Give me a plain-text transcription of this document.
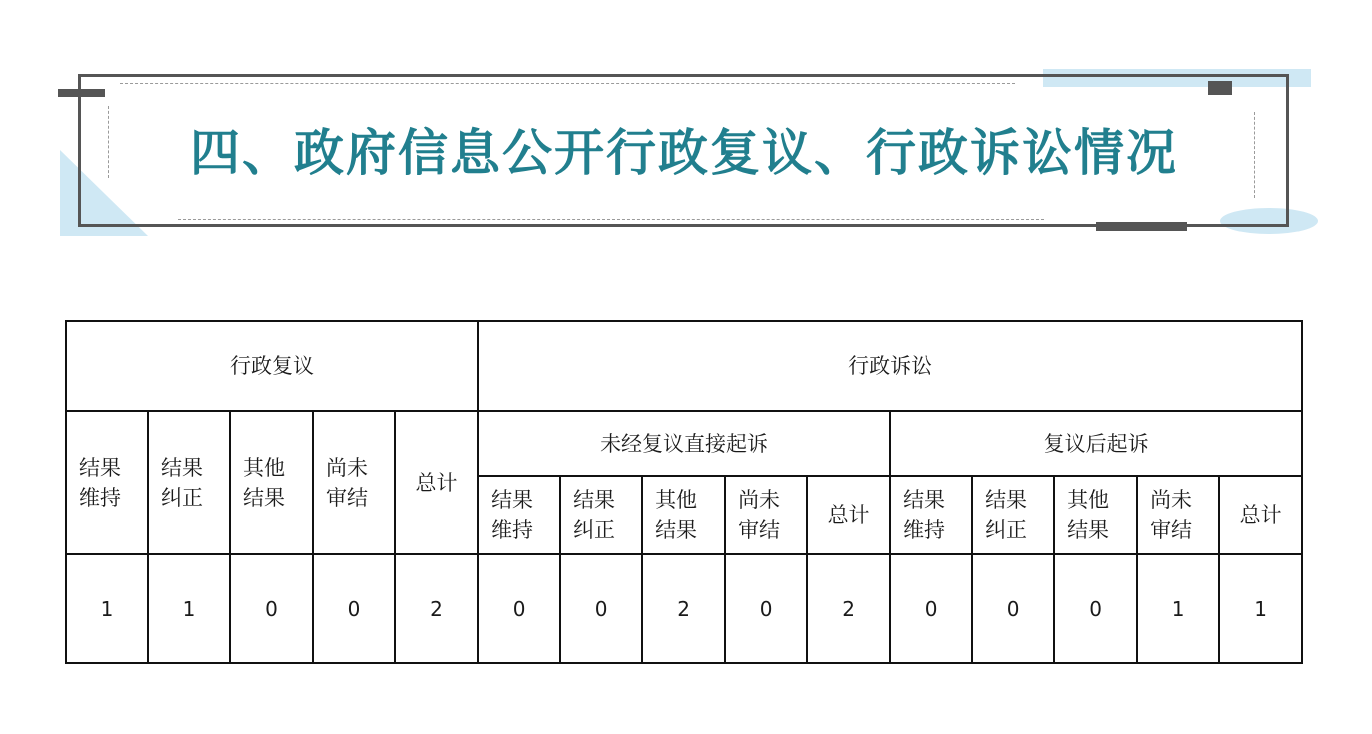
四、政府信息公开行政复议、行政诉讼情况
行政复议					行政诉讼									
结果维持	结果纠正	其他结果	尚未审结	总计	未经复议直接起诉					复议后起诉				
					结果维持	结果纠正	其他结果	尚未审结	总计	结果维持	结果纠正	其他结果	尚未审结	总计
1	1	0	0	2	0	0	2	0	2	0	0	0	1	1
